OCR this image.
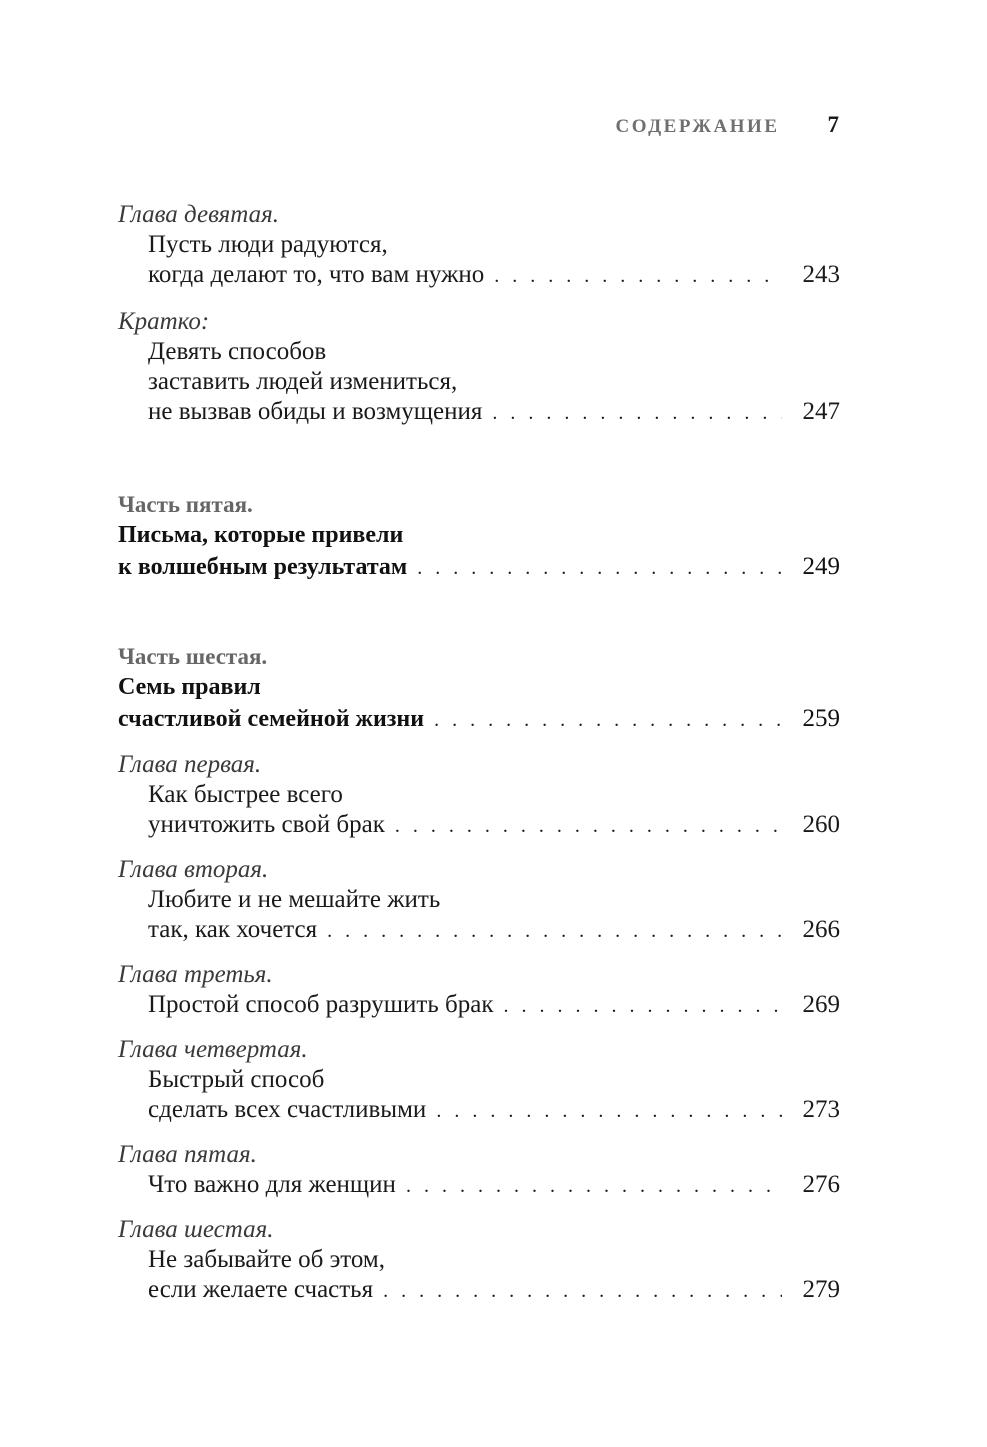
СОДЕРЖАНИЕ 7
Глава девятая.
Пусть люди радуются,
когда делают то, что вам нужно . . .	243
Кратко:
Девять способов
заставить людей измениться,
не вызвав обиды и возмущения . . .	247
Часть пятая.
Письма, которые привели
к волшебным результатам . . .	249
Часть шестая.
Семь правил
счастливой семейной жизни . . .	259
Глава первая.
Как быстрее всего
уничтожить свой брак . . .	260
Глава вторая.
Любите и не мешайте жить
так, как хочется . . .	266
Глава третья.
Простой способ разрушить брак . . .	269
Глава четвертая.
Быстрый способ
сделать всех счастливыми . . .	273
Глава пятая.
Что важно для женщин . . .	276
Глава шестая.
Не забывайте об этом,
если желаете счастья . . .	279
